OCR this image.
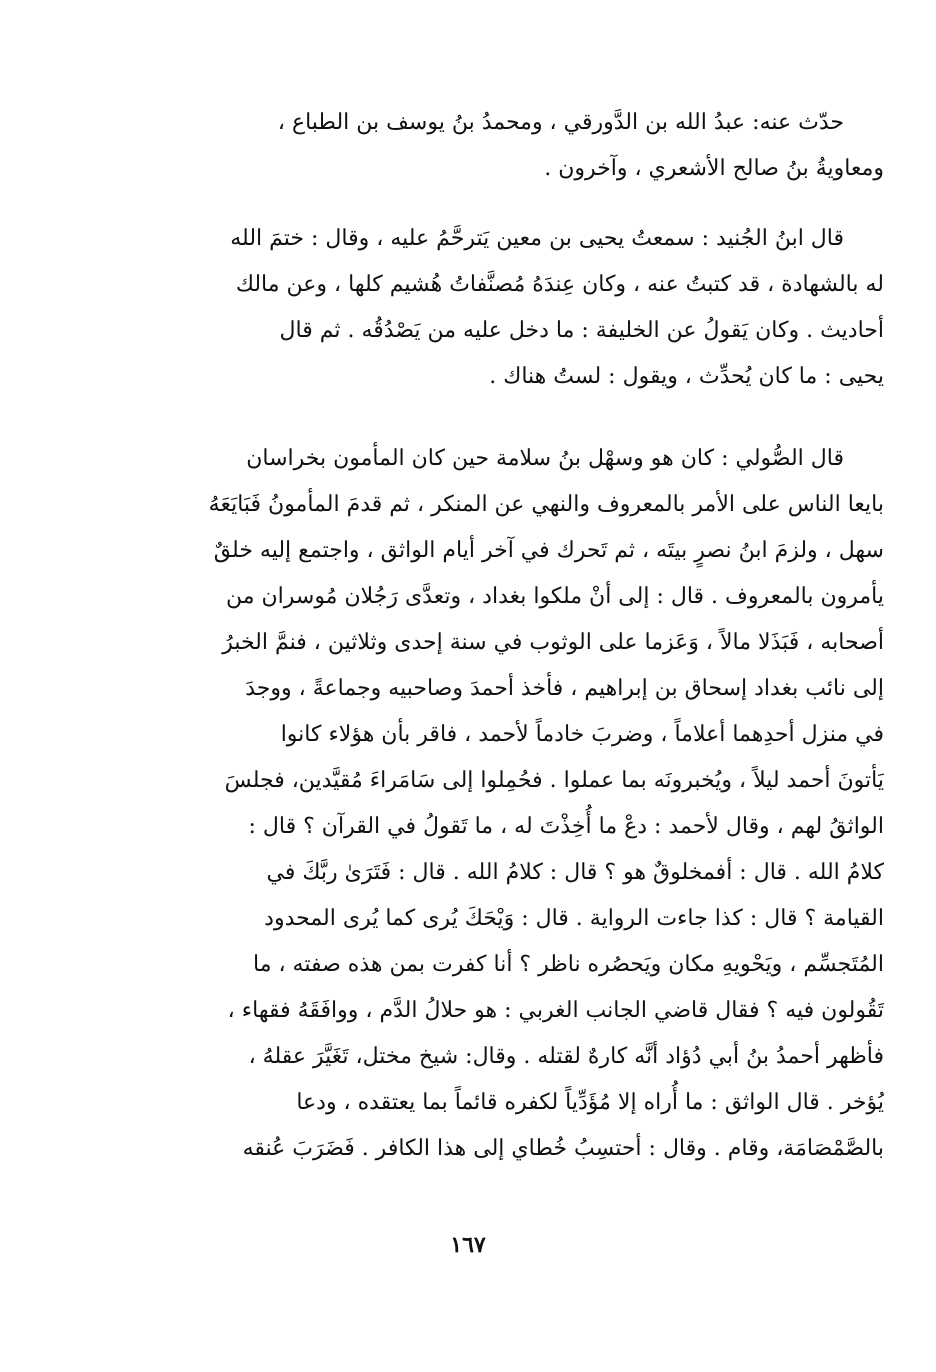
حدّث عنه: عبدُ الله بن الدَّورقي ، ومحمدُ بنُ يوسف بن الطباع ،
ومعاويةُ بنُ صالح الأشعري ، وآخرون .
قال ابنُ الجُنيد : سمعتُ يحيى بن معين يَترحَّمُ عليه ، وقال : ختمَ الله
له بالشهادة ، قد كتبتُ عنه ، وكان عِندَهُ مُصنَّفاتُ هُشيم كلها ، وعن مالك
أحاديث . وكان يَقولُ عن الخليفة : ما دخل عليه من يَصْدُقُه . ثم قال
يحيى : ما كان يُحدِّث ، ويقول : لستُ هناك .
قال الصُّولي : كان هو وسهْل بنُ سلامة حين كان المأمون بخراسان
بايعا الناس على الأمر بالمعروف والنهي عن المنكر ، ثم قدمَ المأمونُ فَبَايَعَهُ
سهل ، ولزمَ ابنُ نصرٍ بيتَه ، ثم تَحرك في آخر أيام الواثق ، واجتمع إليه خلقٌ
يأمرون بالمعروف . قال : إلى أنْ ملكوا بغداد ، وتعدَّى رَجُلان مُوسران من
أصحابه ، فَبَذَلا مالاً ، وَعَزما على الوثوب في سنة إحدى وثلاثين ، فنمَّ الخبرُ
إلى نائب بغداد إسحاق بن إبراهيم ، فأخذ أحمدَ وصاحبيه وجماعةً ، ووجدَ
في منزل أحدِهما أعلاماً ، وضربَ خادماً لأحمد ، فاقر بأن هؤلاء كانوا
يَأتونَ أحمد ليلاً ، ويُخبرونَه بما عملوا . فحُمِلوا إلى سَامَراءَ مُقيَّدين، فجلسَ
الواثقُ لهم ، وقال لأحمد : دعْ ما أُخِذْتَ له ، ما تَقولُ في القرآن ؟ قال :
كلامُ الله . قال : أفمخلوقٌ هو ؟ قال : كلامُ الله . قال : فَتَرَىٰ ربَّكَ في
القيامة ؟ قال : كذا جاءت الرواية . قال : وَيْحَكَ يُرى كما يُرى المحدود
المُتَجسِّم ، ويَحْويهِ مكان ويَحصُره ناظر ؟ أنا كفرت بمن هذه صفته ، ما
تَقُولون فيه ؟ فقال قاضي الجانب الغربي : هو حلالُ الدَّم ، ووافَقَهُ فقهاء ،
فأظهر أحمدُ بنُ أبي دُؤاد أنَّه كارهٌ لقتله . وقال: شيخ مختل، تَغَيَّرَ عقلهُ ،
يُؤخر . قال الواثق : ما أُراه إلا مُؤَدِّياً لكفره قائماً بما يعتقده ، ودعا
بالصَّمْصَامَة، وقام . وقال : أحتسِبُ خُطاي إلى هذا الكافر . فَضَرَبَ عُنقه
١٦٧
